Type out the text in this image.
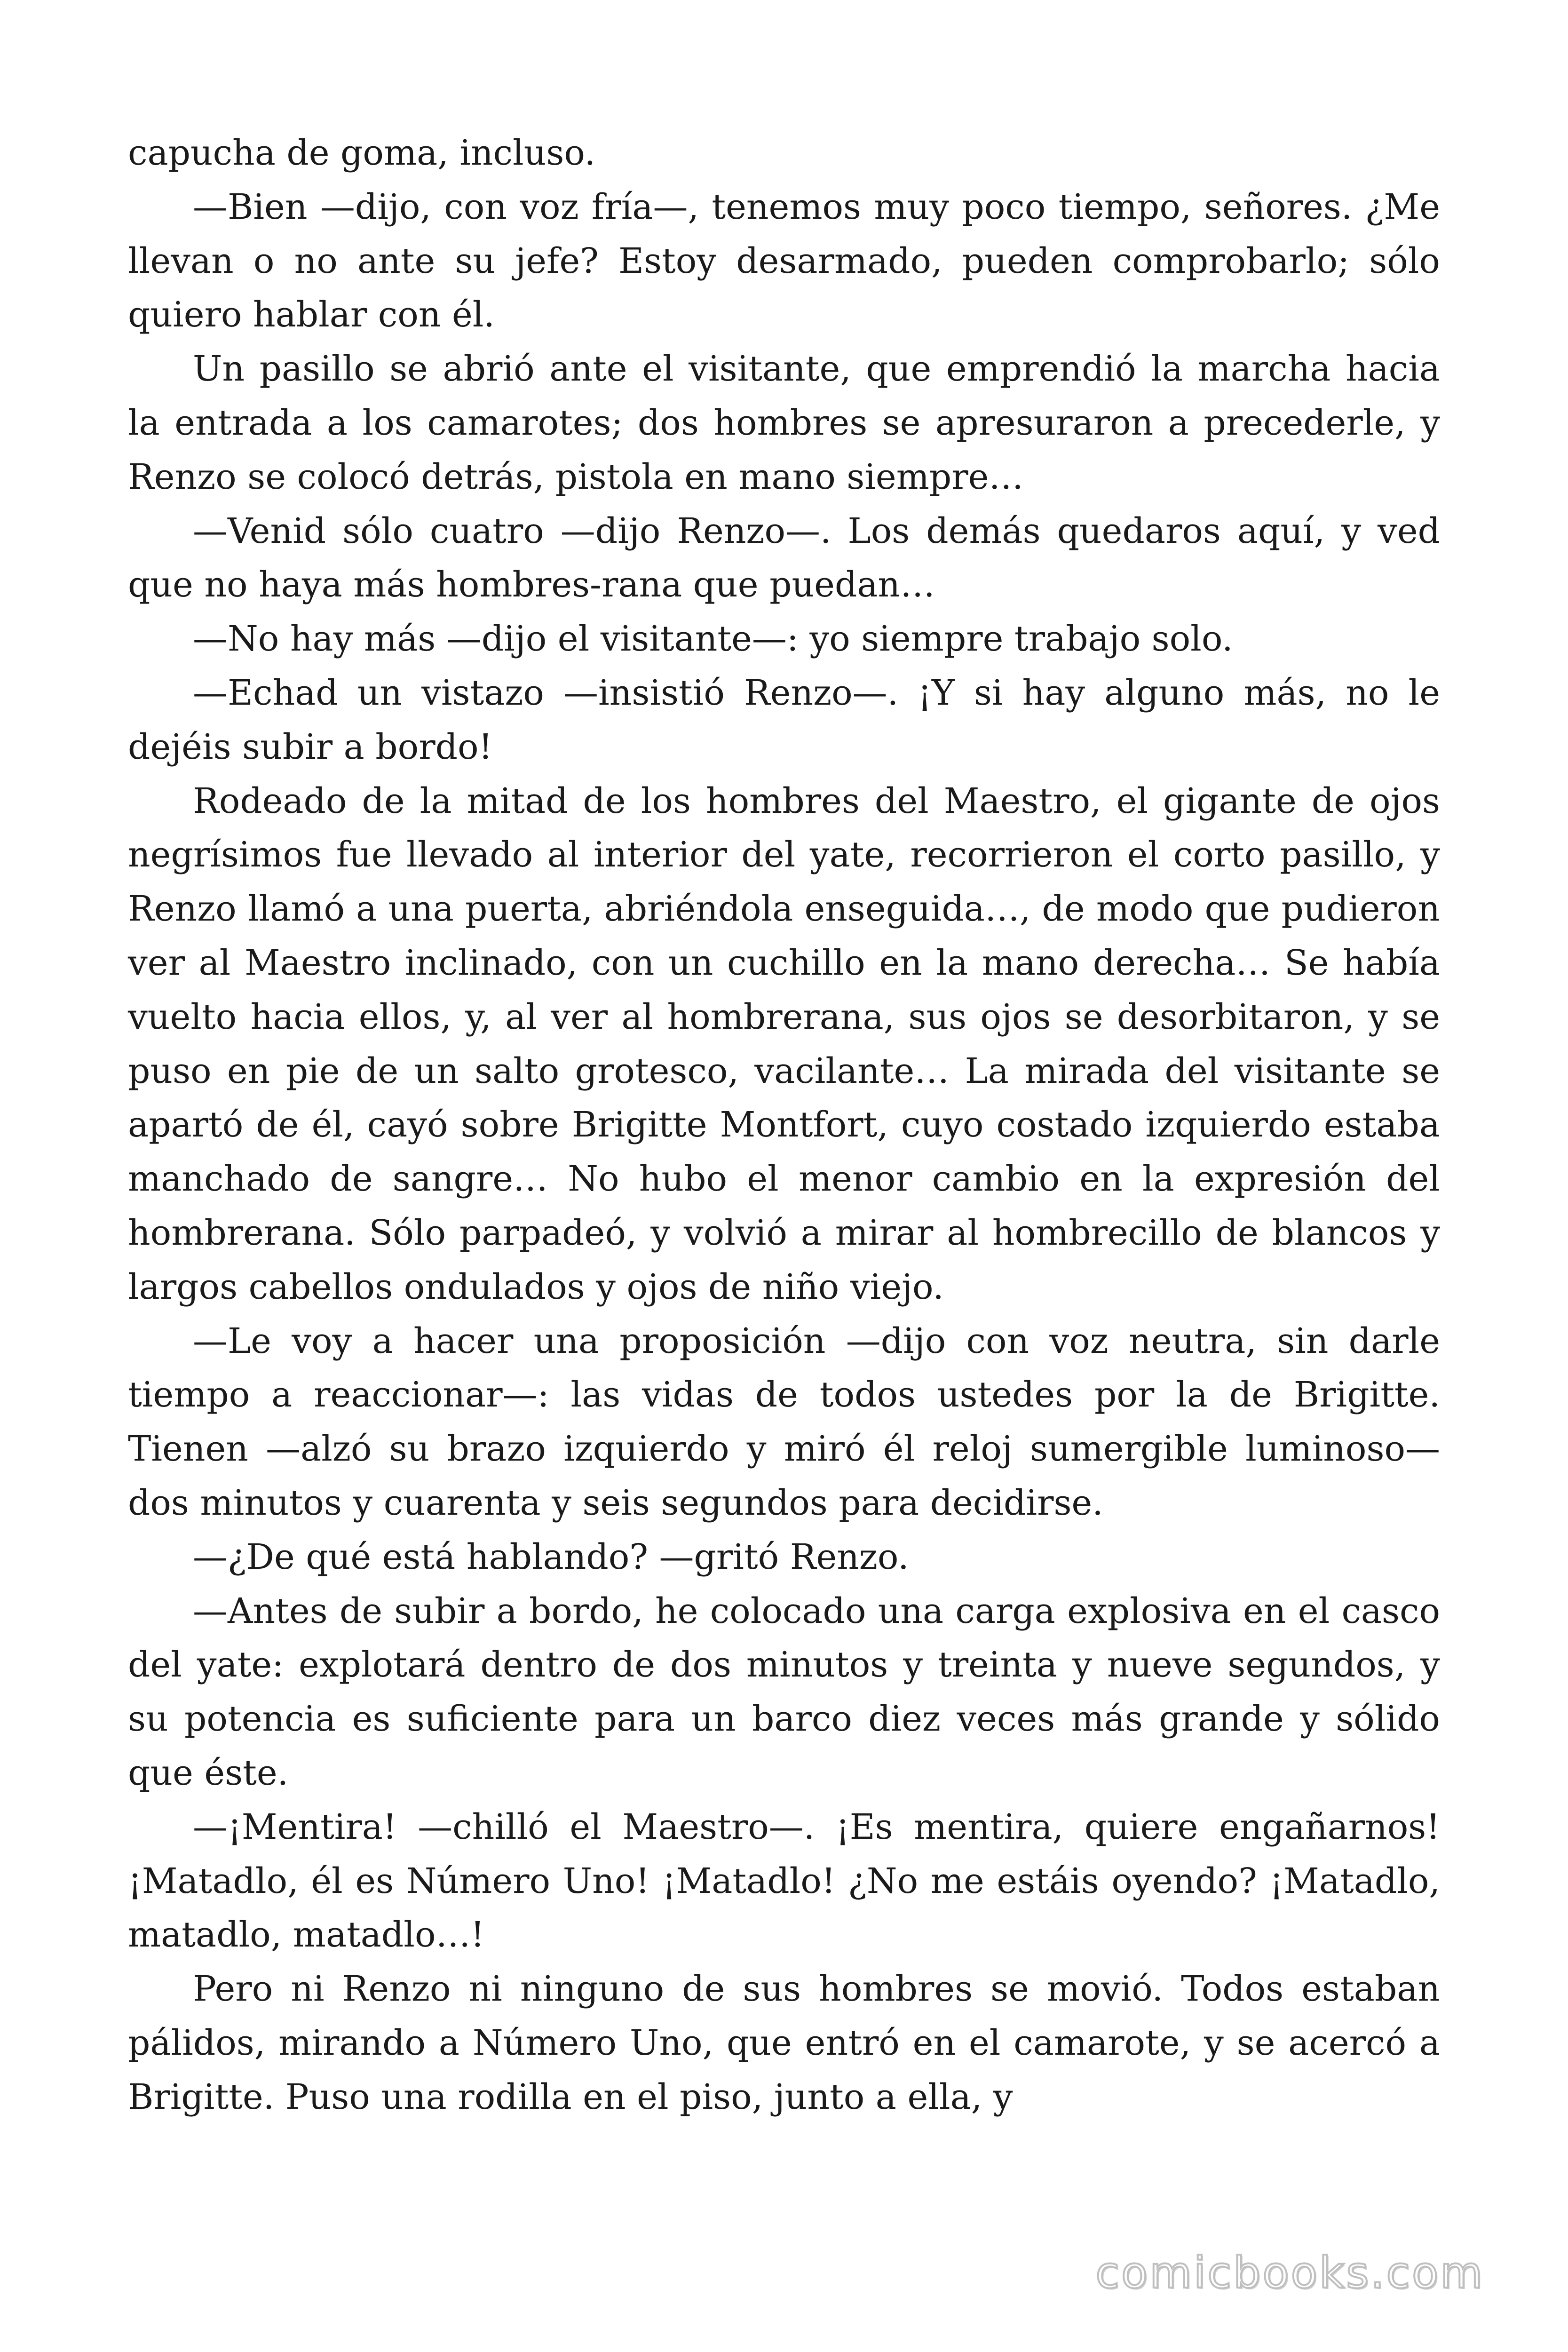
capucha de goma, incluso.

—Bien —dijo, con voz fría—, tenemos muy poco tiempo, señores. ¿Me llevan o no ante su jefe? Estoy desarmado, pueden comprobarlo; sólo quiero hablar con él.

Un pasillo se abrió ante el visitante, que emprendió la marcha hacia la entrada a los camarotes; dos hombres se apresuraron a precederle, y Renzo se colocó detrás, pistola en mano siempre…

—Venid sólo cuatro —dijo Renzo—. Los demás quedaros aquí, y ved que no haya más hombres-rana que puedan…

—No hay más —dijo el visitante—: yo siempre trabajo solo.

—Echad un vistazo —insistió Renzo—. ¡Y si hay alguno más, no le dejéis subir a bordo!

Rodeado de la mitad de los hombres del Maestro, el gigante de ojos negrísimos fue llevado al interior del yate, recorrieron el corto pasillo, y Renzo llamó a una puerta, abriéndola enseguida…, de modo que pudieron ver al Maestro inclinado, con un cuchillo en la mano derecha… Se había vuelto hacia ellos, y, al ver al hombrerana, sus ojos se desorbitaron, y se puso en pie de un salto grotesco, vacilante… La mirada del visitante se apartó de él, cayó sobre Brigitte Montfort, cuyo costado izquierdo estaba manchado de sangre… No hubo el menor cambio en la expresión del hombrerana. Sólo parpadeó, y volvió a mirar al hombrecillo de blancos y largos cabellos ondulados y ojos de niño viejo.

—Le voy a hacer una proposición —dijo con voz neutra, sin darle tiempo a reaccionar—: las vidas de todos ustedes por la de Brigitte. Tienen —alzó su brazo izquierdo y miró él reloj sumergible luminoso— dos minutos y cuarenta y seis segundos para decidirse.

—¿De qué está hablando? —gritó Renzo.

—Antes de subir a bordo, he colocado una carga explosiva en el casco del yate: explotará dentro de dos minutos y treinta y nueve segundos, y su potencia es suficiente para un barco diez veces más grande y sólido que éste.

—¡Mentira! —chilló el Maestro—. ¡Es mentira, quiere engañarnos! ¡Matadlo, él es Número Uno! ¡Matadlo! ¿No me estáis oyendo? ¡Matadlo, matadlo, matadlo…!

Pero ni Renzo ni ninguno de sus hombres se movió. Todos estaban pálidos, mirando a Número Uno, que entró en el camarote, y se acercó a Brigitte. Puso una rodilla en el piso, junto a ella, y

comicbooks.com
